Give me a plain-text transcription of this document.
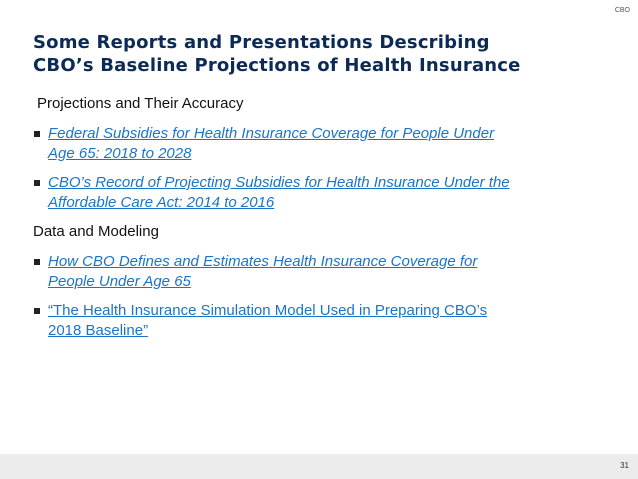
CBO
Some Reports and Presentations Describing
CBO’s Baseline Projections of Health Insurance
Projections and Their Accuracy
Federal Subsidies for Health Insurance Coverage for People Under
Age 65: 2018 to 2028
CBO’s Record of Projecting Subsidies for Health Insurance Under the
Affordable Care Act: 2014 to 2016
Data and Modeling
How CBO Defines and Estimates Health Insurance Coverage for
People Under Age 65
“The Health Insurance Simulation Model Used in Preparing CBO’s
2018 Baseline”
31
